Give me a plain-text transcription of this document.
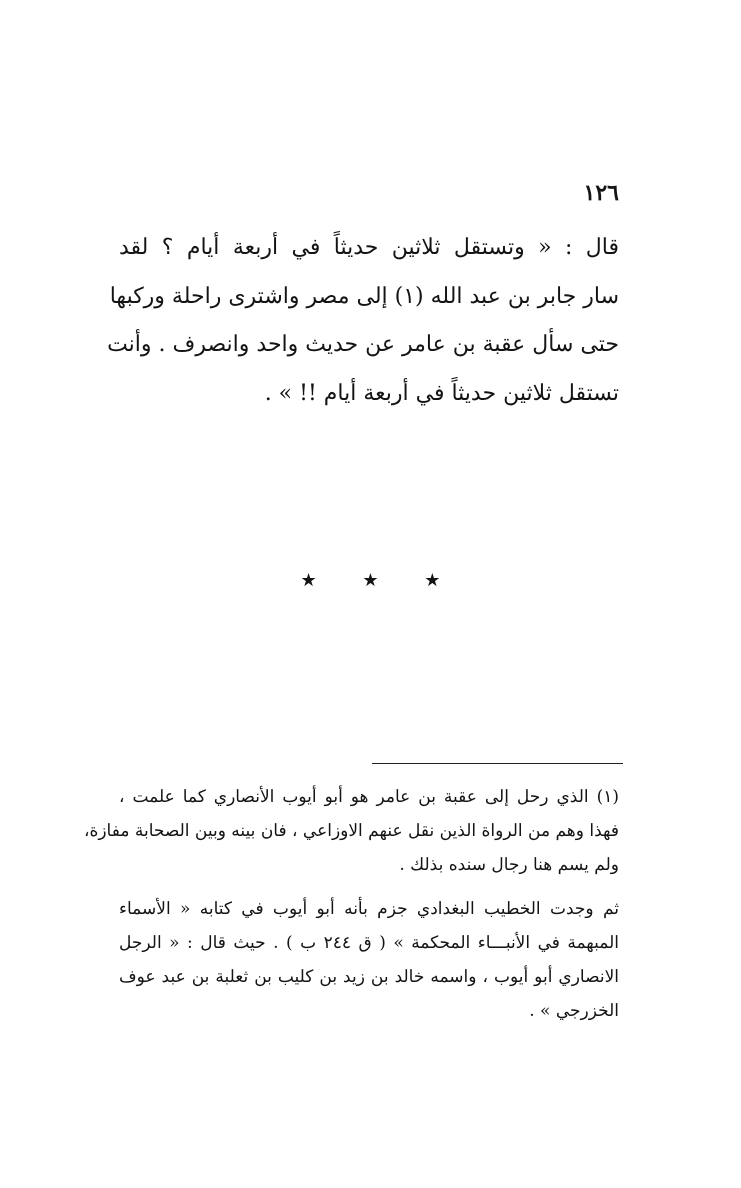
١٢٦
قال : « وتستقل ثلاثين حديثاً في أربعة أيام ؟ لقد
سار جابر بن عبد الله (١) إلى مصر واشترى راحلة وركبها
حتى سأل عقبة بن عامر عن حديث واحد وانصرف . وأنت
تستقل ثلاثين حديثاً في أربعة أيام !! » .
★	★	★
(١) الذي رحل إلى عقبة بن عامر هو أبو أيوب الأنصاري كما علمت ،
فهذا وهم من الرواة الذين نقل عنهم الاوزاعي ، فان بينه وبين الصحابة مفازة،
ولم يسم هنا رجال سنده بذلك .
ثم وجدت الخطيب البغدادي جزم بأنه أبو أيوب في كتابه « الأسماء
المبهمة في الأنبـــاء المحكمة » ( ق ٢٤٤ ب ) . حيث قال : « الرجل
الانصاري أبو أيوب ، واسمه خالد بن زيد بن كليب بن ثعلبة بن عبد عوف
الخزرجي » .
